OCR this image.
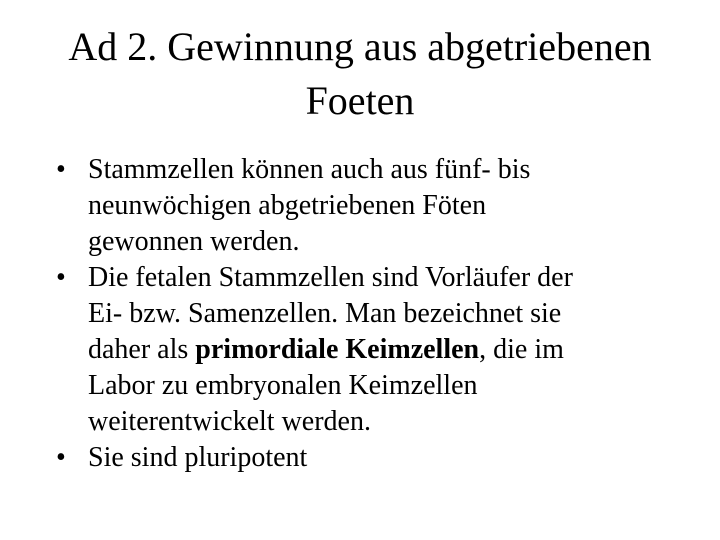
Ad 2. Gewinnung aus abgetriebenen
Foeten
• Stammzellen können auch aus fünf- bis
neunwöchigen abgetriebenen Föten
gewonnen werden.
• Die fetalen Stammzellen sind Vorläufer der
Ei- bzw. Samenzellen. Man bezeichnet sie
daher als primordiale Keimzellen, die im
Labor zu embryonalen Keimzellen
weiterentwickelt werden.
• Sie sind pluripotent
